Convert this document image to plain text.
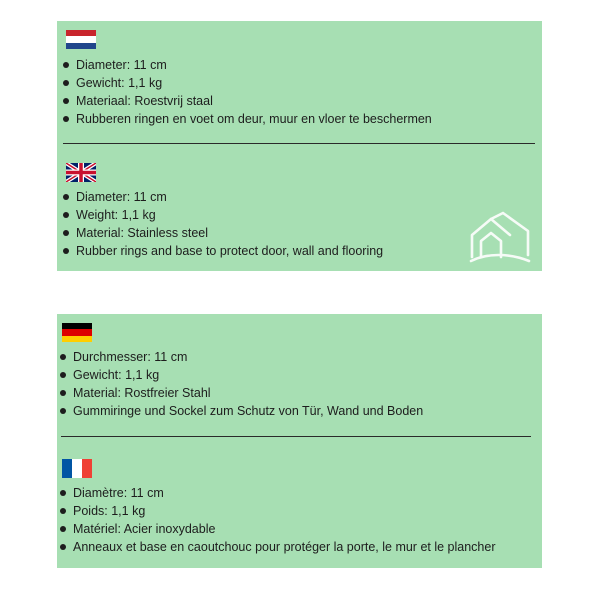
Diameter: 11 cm
Gewicht: 1,1 kg
Materiaal: Roestvrij staal
Rubberen ringen en voet om deur, muur en vloer te beschermen
Diameter: 11 cm
Weight: 1,1 kg
Material: Stainless steel
Rubber rings and base to protect door, wall and flooring
Durchmesser: 11 cm
Gewicht: 1,1 kg
Material: Rostfreier Stahl
Gummiringe und Sockel zum Schutz von Tür, Wand und Boden
Diamètre: 11 cm
Poids: 1,1 kg
Matériel: Acier inoxydable
Anneaux et base en caoutchouc pour protéger la porte, le mur et le plancher
